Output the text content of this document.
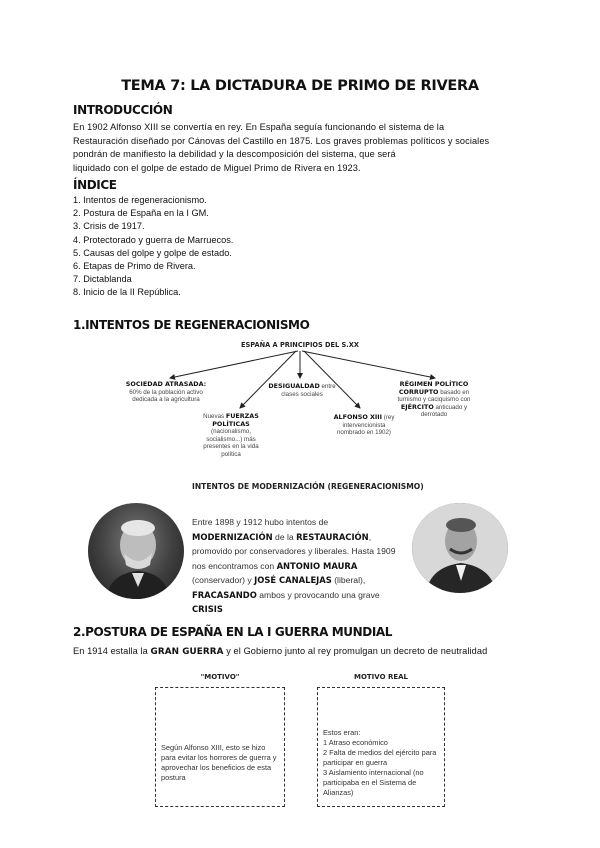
TEMA 7: LA DICTADURA DE PRIMO DE RIVERA
INTRODUCCIÓN
En 1902 Alfonso XIII se convertía en rey. En España seguía funcionando el sistema de la
Restauración diseñado por Cánovas del Castillo en 1875. Los graves problemas políticos y sociales
pondrán de manifiesto la debilidad y la descomposición del sistema, que será
liquidado con el golpe de estado de Miguel Primo de Rivera en 1923.
ÍNDICE
1. Intentos de regeneracionismo.
2. Postura de España en la I GM.
3. Crisis de 1917.
4. Protectorado y guerra de Marruecos.
5. Causas del golpe y golpe de estado.
6. Etapas de Primo de Rivera.
7. Dictablanda
8. Inicio de la II República.
1.INTENTOS DE REGENERACIONISMO
ESPAÑA A PRINCIPIOS DEL S.XX
SOCIEDAD ATRASADA:
60% de la población activo dedicada a la agricultura
DESIGUALDAD entre
clases sociales
RÉGIMEN POLÍTICO CORRUPTO basado en turnismo y caciquismo con EJÉRCITO anticuado y derrotado
Nuevas FUERZAS POLÍTICAS
(nacionalismo, socialismo...) más presentes en la vida política
ALFONSO XIII (rey intervencionista nombrado en 1902)
INTENTOS DE MODERNIZACIÓN (REGENERACIONISMO)
Entre 1898 y 1912 hubo intentos de MODERNIZACIÓN de la RESTAURACIÓN, promovido por conservadores y liberales. Hasta 1909 nos encontramos con ANTONIO MAURA (conservador) y JOSÉ CANALEJAS (liberal), FRACASANDO ambos y provocando una grave CRISIS
2.POSTURA DE ESPAÑA EN LA I GUERRA MUNDIAL
En 1914 estalla la GRAN GUERRA y el Gobierno junto al rey promulgan un decreto de neutralidad
"MOTIVO"
Según Alfonso XIII, esto se hizo para evitar los horrores de guerra y aprovechar los beneficios de esta postura
MOTIVO REAL
Estos eran:
1 Atraso económico
2 Falta de medios del ejército para participar en guerra
3 Aislamiento internacional (no participaba en el Sistema de Alianzas)
